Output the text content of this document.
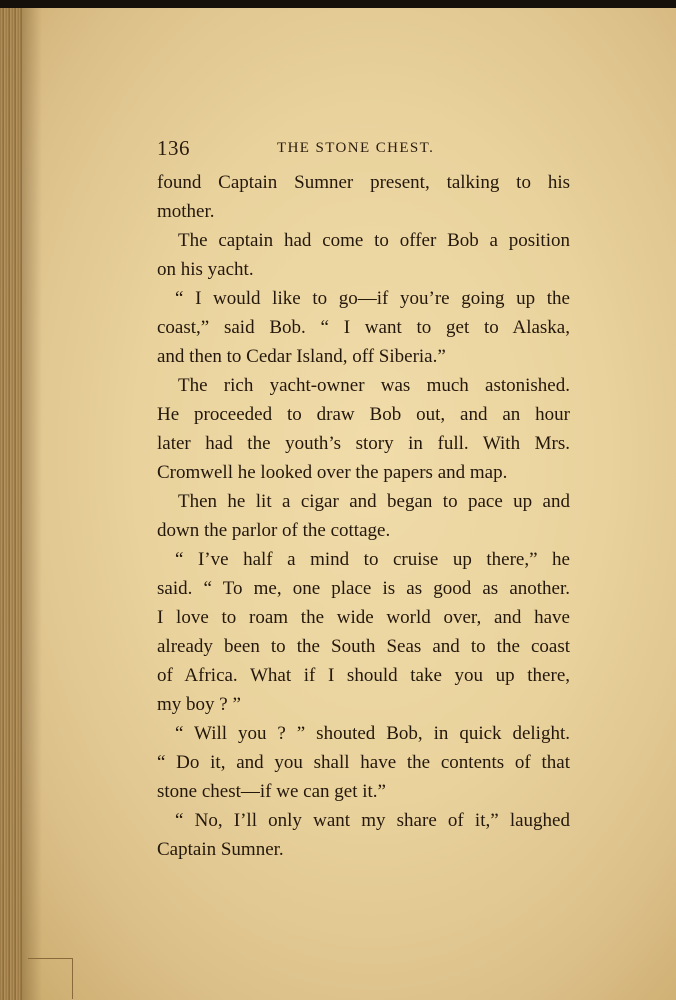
136	THE STONE CHEST.
found Captain Sumner present, talking to his
mother.
The captain had come to offer Bob a position
on his yacht.
“ I would like to go—if you’re going up the
coast,” said Bob. “ I want to get to Alaska,
and then to Cedar Island, off Siberia.”
The rich yacht-owner was much astonished.
He proceeded to draw Bob out, and an hour
later had the youth’s story in full. With Mrs.
Cromwell he looked over the papers and map.
Then he lit a cigar and began to pace up and
down the parlor of the cottage.
“ I’ve half a mind to cruise up there,” he
said. “ To me, one place is as good as another.
I love to roam the wide world over, and have
already been to the South Seas and to the coast
of Africa. What if I should take you up there,
my boy ? ”
“ Will you ? ” shouted Bob, in quick delight.
“ Do it, and you shall have the contents of that
stone chest—if we can get it.”
“ No, I’ll only want my share of it,” laughed
Captain Sumner.
